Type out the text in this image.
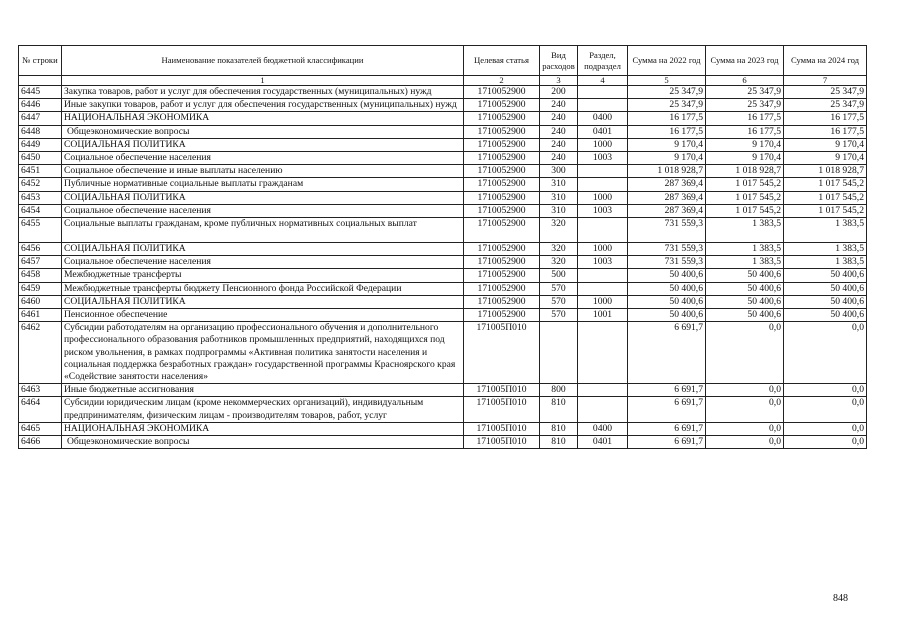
№ строки	Наименование показателей бюджетной классификации	Целевая статья	Вид расходов	Раздел, подраздел	Сумма на 2022 год	Сумма на 2023 год	Сумма на 2024 год
	1	2	3	4	5	6	7
6445	Закупка товаров, работ и услуг для обеспечения государственных (муниципальных) нужд	1710052900	200		25 347,9	25 347,9	25 347,9
6446	Иные закупки товаров, работ и услуг для обеспечения государственных (муниципальных) нужд	1710052900	240		25 347,9	25 347,9	25 347,9
6447	НАЦИОНАЛЬНАЯ ЭКОНОМИКА	1710052900	240	0400	16 177,5	16 177,5	16 177,5
6448	Общеэкономические вопросы	1710052900	240	0401	16 177,5	16 177,5	16 177,5
6449	СОЦИАЛЬНАЯ ПОЛИТИКА	1710052900	240	1000	9 170,4	9 170,4	9 170,4
6450	Социальное обеспечение населения	1710052900	240	1003	9 170,4	9 170,4	9 170,4
6451	Социальное обеспечение и иные выплаты населению	1710052900	300		1 018 928,7	1 018 928,7	1 018 928,7
6452	Публичные нормативные социальные выплаты гражданам	1710052900	310		287 369,4	1 017 545,2	1 017 545,2
6453	СОЦИАЛЬНАЯ ПОЛИТИКА	1710052900	310	1000	287 369,4	1 017 545,2	1 017 545,2
6454	Социальное обеспечение населения	1710052900	310	1003	287 369,4	1 017 545,2	1 017 545,2
6455	Социальные выплаты гражданам, кроме публичных нормативных социальных выплат	1710052900	320		731 559,3	1 383,5	1 383,5
6456	СОЦИАЛЬНАЯ ПОЛИТИКА	1710052900	320	1000	731 559,3	1 383,5	1 383,5
6457	Социальное обеспечение населения	1710052900	320	1003	731 559,3	1 383,5	1 383,5
6458	Межбюджетные трансферты	1710052900	500		50 400,6	50 400,6	50 400,6
6459	Межбюджетные трансферты бюджету Пенсионного фонда Российской Федерации	1710052900	570		50 400,6	50 400,6	50 400,6
6460	СОЦИАЛЬНАЯ ПОЛИТИКА	1710052900	570	1000	50 400,6	50 400,6	50 400,6
6461	Пенсионное обеспечение	1710052900	570	1001	50 400,6	50 400,6	50 400,6
6462	Субсидии работодателям на организацию профессионального обучения и дополнительного профессионального образования работников промышленных предприятий, находящихся под риском увольнения, в рамках подпрограммы «Активная политика занятости населения и социальная поддержка безработных граждан» государственной программы Красноярского края «Содействие занятости населения»	171005П010			6 691,7	0,0	0,0
6463	Иные бюджетные ассигнования	171005П010	800		6 691,7	0,0	0,0
6464	Субсидии юридическим лицам (кроме некоммерческих организаций), индивидуальным предпринимателям, физическим лицам - производителям товаров, работ, услуг	171005П010	810		6 691,7	0,0	0,0
6465	НАЦИОНАЛЬНАЯ ЭКОНОМИКА	171005П010	810	0400	6 691,7	0,0	0,0
6466	Общеэкономические вопросы	171005П010	810	0401	6 691,7	0,0	0,0
848
